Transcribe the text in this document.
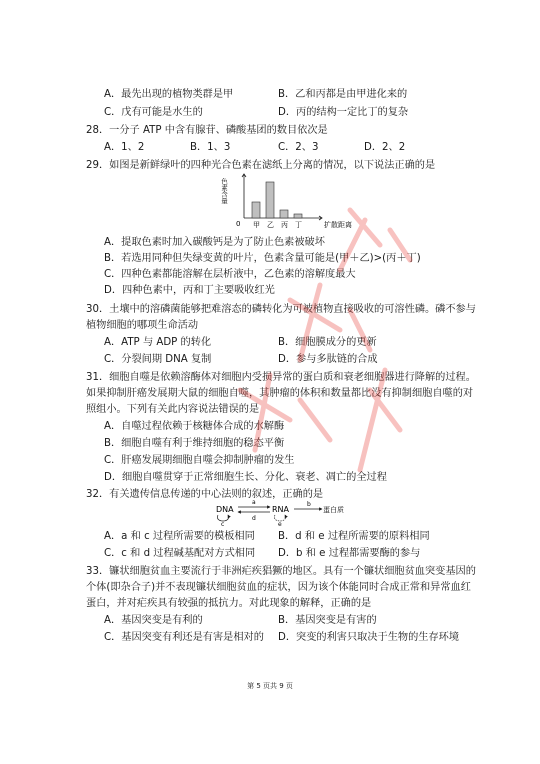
A．最先出现的植物类群是甲	B．乙和丙都是由甲进化来的
C．戊有可能是水生的	D．丙的结构一定比丁的复杂
28．一分子 ATP 中含有腺苷、磷酸基团的数目依次是
A．1、2	B．1、3	C．2、3	D．2、2
29．如图是新鲜绿叶的四种光合色素在滤纸上分离的情况，以下说法正确的是
色素含量
0 甲 乙 丙 丁	扩散距离
A．提取色素时加入碳酸钙是为了防止色素被破坏
B．若选用同种但失绿变黄的叶片，色素含量可能是(甲＋乙)>(丙＋丁)
C．四种色素都能溶解在层析液中，乙色素的溶解度最大
D．四种色素中，丙和丁主要吸收红光
30．土壤中的溶磷菌能够把难溶态的磷转化为可被植物直接吸收的可溶性磷。磷不参与
植物细胞的哪项生命活动
A．ATP 与 ADP 的转化	B．细胞膜成分的更新
C．分裂间期 DNA 复制	D．参与多肽链的合成
31．细胞自噬是依赖溶酶体对细胞内受损异常的蛋白质和衰老细胞器进行降解的过程。
如果抑制肝癌发展期大鼠的细胞自噬，其肿瘤的体积和数量都比没有抑制细胞自噬的对
照组小。下列有关此内容说法错误的是
A．自噬过程依赖于核糖体合成的水解酶
B．细胞自噬有利于维持细胞的稳态平衡
C．肝癌发展期细胞自噬会抑制肿瘤的发生
D．细胞自噬贯穿于正常细胞生长、分化、衰老、凋亡的全过程
32．有关遗传信息传递的中心法则的叙述，正确的是
DNA
c
a
d
RNA
e
b
蛋白质
A．a 和 c 过程所需要的模板相同 B．d 和 e 过程所需要的原料相同
C．c 和 d 过程碱基配对方式相同 D．b 和 e 过程都需要酶的参与
33．镰状细胞贫血主要流行于非洲疟疾猖獗的地区。具有一个镰状细胞贫血突变基因的
个体(即杂合子)并不表现镰状细胞贫血的症状，因为该个体能同时合成正常和异常血红
蛋白，并对疟疾具有较强的抵抗力。对此现象的解释，正确的是
A．基因突变是有利的	B．基因突变是有害的
C．基因突变有利还是有害是相对的 D．突变的利害只取决于生物的生存环境
第 5 页共 9 页
